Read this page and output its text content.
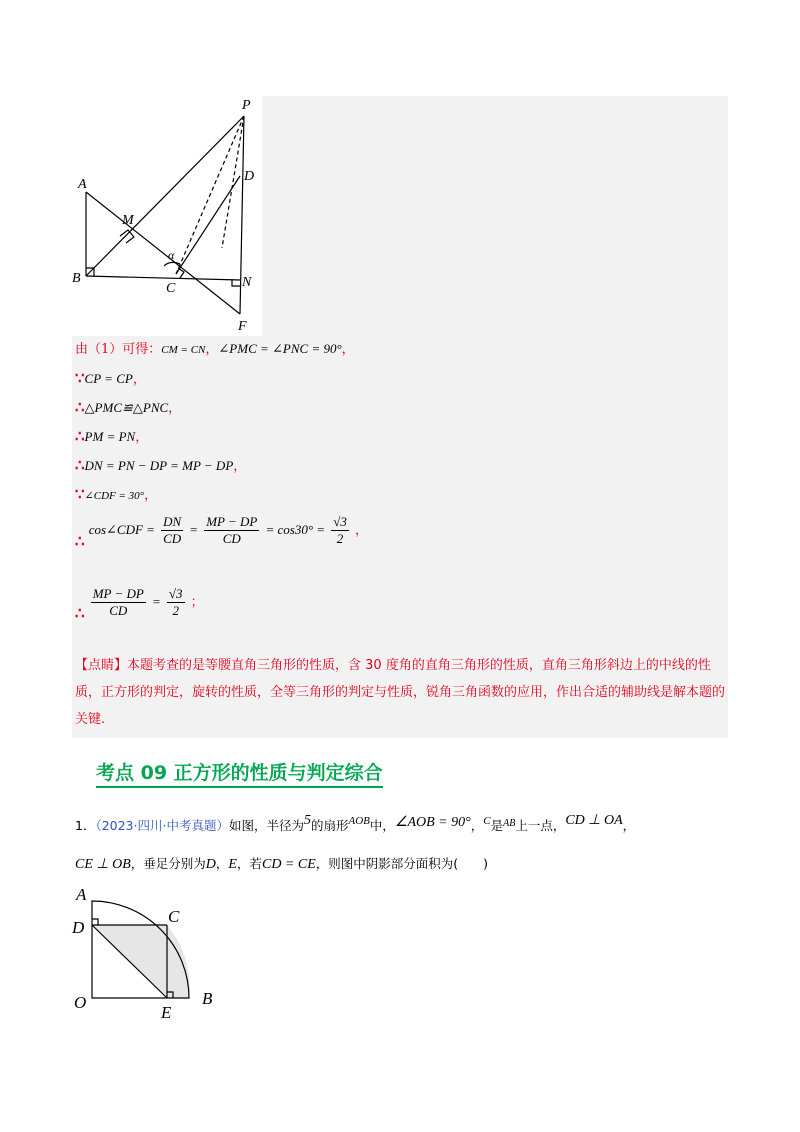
P
A
D
M
α
B
C	N
F
由（1）可得：CM = CN，∠PMC = ∠PNC = 90°，
∵CP = CP，
∴△PMC≌△PNC，
∴PM = PN，
∴DN = PN − DP = MP − DP，
∵∠CDF = 30°，
∴ cos∠CDF = $\frac{DN}{CD} = \frac{MP - DP}{CD} = \cos 30^\circ = \frac{√3}{2}$ ，
∴ $\frac{MP - DP}{CD} = \frac{√3}{2}$ ；
【点睛】本题考查的是等腰直角三角形的性质，含 30 度角的直角三角形的性质，直角三角形斜边上的中线的性质，正方形的判定，旋转的性质，全等三角形的判定与性质，锐角三角函数的应用，作出合适的辅助线是解本题的关键.
考点 09 正方形的性质与判定综合
1．（2023·四川·中考真题）如图，半径为5的扇形AOB中，∠AOB = 90°，C是$^{AB}$上一点，CD ⊥ OA，
CE ⊥ OB，垂足分别为D，E，若CD = CE，则图中阴影部分面积为(　　)
A
D
C
O
E
B
